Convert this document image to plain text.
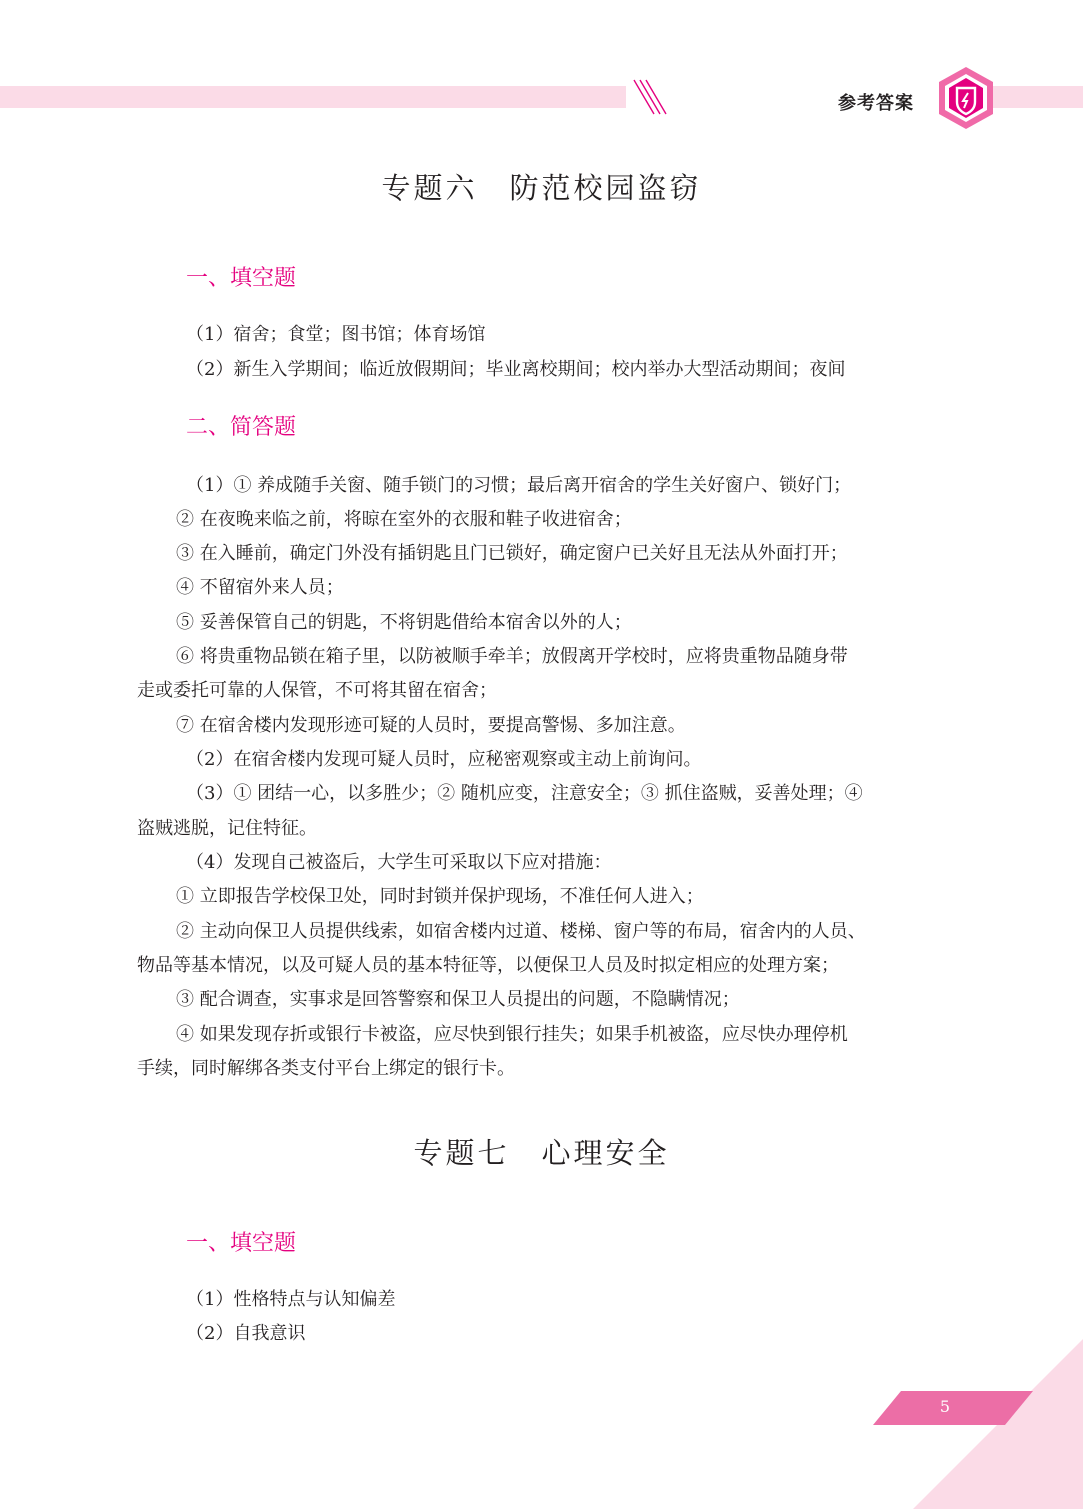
参考答案
专题六　防范校园盗窃
一、填空题
（1）宿舍；食堂；图书馆；体育场馆
（2）新生入学期间；临近放假期间；毕业离校期间；校内举办大型活动期间；夜间
二、简答题
（1）① 养成随手关窗、随手锁门的习惯；最后离开宿舍的学生关好窗户、锁好门；
② 在夜晚来临之前，将晾在室外的衣服和鞋子收进宿舍；
③ 在入睡前，确定门外没有插钥匙且门已锁好，确定窗户已关好且无法从外面打开；
④ 不留宿外来人员；
⑤ 妥善保管自己的钥匙，不将钥匙借给本宿舍以外的人；
⑥ 将贵重物品锁在箱子里，以防被顺手牵羊；放假离开学校时，应将贵重物品随身带
走或委托可靠的人保管，不可将其留在宿舍；
⑦ 在宿舍楼内发现形迹可疑的人员时，要提高警惕、多加注意。
（2）在宿舍楼内发现可疑人员时，应秘密观察或主动上前询问。
（3）① 团结一心，以多胜少；② 随机应变，注意安全；③ 抓住盗贼，妥善处理；④
盗贼逃脱，记住特征。
（4）发现自己被盗后，大学生可采取以下应对措施：
① 立即报告学校保卫处，同时封锁并保护现场，不准任何人进入；
② 主动向保卫人员提供线索，如宿舍楼内过道、楼梯、窗户等的布局，宿舍内的人员、
物品等基本情况，以及可疑人员的基本特征等，以便保卫人员及时拟定相应的处理方案；
③ 配合调查，实事求是回答警察和保卫人员提出的问题，不隐瞒情况；
④ 如果发现存折或银行卡被盗，应尽快到银行挂失；如果手机被盗，应尽快办理停机
手续，同时解绑各类支付平台上绑定的银行卡。
专题七　心理安全
一、填空题
（1）性格特点与认知偏差
（2）自我意识
5
